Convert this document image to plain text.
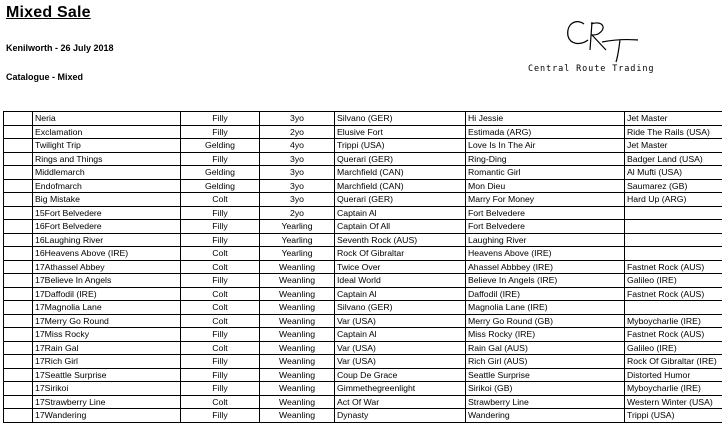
Mixed Sale
Kenilworth - 26 July 2018
Catalogue - Mixed
Central Route Trading
	Neria	Filly	3yo	Silvano (GER)	Hi Jessie	Jet Master
	Exclamation	Filly	2yo	Elusive Fort	Estimada (ARG)	Ride The Rails (USA)
	Twilight Trip	Gelding	4yo	Trippi (USA)	Love Is In The Air	Jet Master
	Rings and Things	Filly	3yo	Querari (GER)	Ring-Ding	Badger Land (USA)
	Middlemarch	Gelding	3yo	Marchfield (CAN)	Romantic Girl	Al Mufti (USA)
	Endofmarch	Gelding	3yo	Marchfield (CAN)	Mon Dieu	Saumarez (GB)
	Big Mistake	Colt	3yo	Querari (GER)	Marry For Money	Hard Up (ARG)
	15Fort Belvedere	Filly	2yo	Captain Al	Fort Belvedere	
	16Fort Belvedere	Filly	Yearling	Captain Of All	Fort Belvedere	
	16Laughing River	Filly	Yearling	Seventh Rock (AUS)	Laughing River	
	16Heavens Above (IRE)	Colt	Yearling	Rock Of Gibraltar	Heavens Above (IRE)	
	17Athassel Abbey	Colt	Weanling	Twice Over	Ahassel Abbbey (IRE)	Fastnet Rock (AUS)
	17Believe In Angels	Filly	Weanling	Ideal World	Believe In Angels (IRE)	Galileo (IRE)
	17Daffodil (IRE)	Colt	Weanling	Captain Al	Daffodil (IRE)	Fastnet Rock (AUS)
	17Magnolia Lane	Colt	Weanling	Silvano (GER)	Magnolia Lane (IRE)	
	17Merry Go Round	Colt	Weanling	Var (USA)	Merry Go Round (GB)	Myboycharlie (IRE)
	17Miss Rocky	Filly	Weanling	Captain Al	Miss Rocky (IRE)	Fastnet Rock (AUS)
	17Rain Gal	Colt	Weanling	Var (USA)	Rain Gal (AUS)	Galileo (IRE)
	17Rich Girl	Filly	Weanling	Var (USA)	Rich Girl (AUS)	Rock Of Gibraltar (IRE)
	17Seattle Surprise	Filly	Weanling	Coup De Grace	Seattle Surprise	Distorted Humor
	17Sirikoi	Filly	Weanling	Gimmethegreenlight	Sirikoi (GB)	Myboycharlie (IRE)
	17Strawberry Line	Colt	Weanling	Act Of War	Strawberry Line	Western Winter (USA)
	17Wandering	Filly	Weanling	Dynasty	Wandering	Trippi (USA)
